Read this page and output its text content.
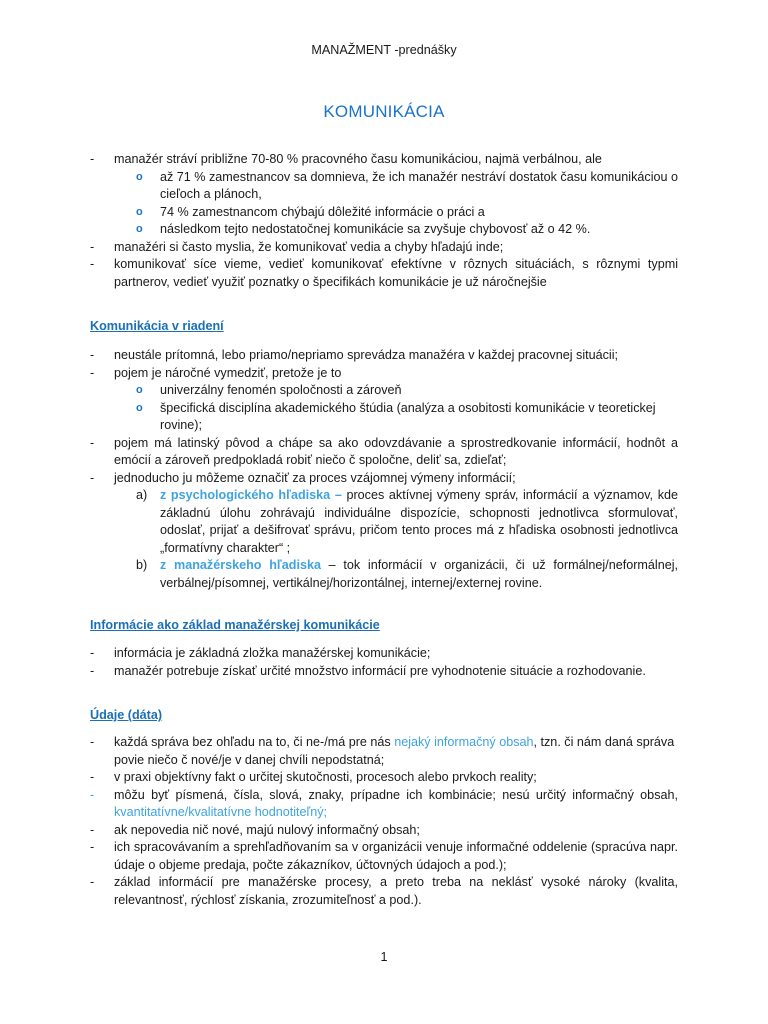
MANAŽMENT -prednášky
KOMUNIKÁCIA
- manažér stráví približne 70-80 % pracovného času komunikáciou, najmä verbálnou, ale
o až 71 % zamestnancov sa domnieva, že ich manažér nestráví dostatok času komunikáciou o cieľoch a plánoch,
o 74 % zamestnancom chýbajú dôležité informácie o práci a
o následkom tejto nedostatočnej komunikácie sa zvyšuje chybovosť až o 42 %.
- manažéri si často myslia, že komunikovať vedia a chyby hľadajú inde;
- komunikovať síce vieme, vedieť komunikovať efektívne v rôznych situáciách, s rôznymi typmi partnerov, vedieť využiť poznatky o špecifikách komunikácie je už náročnejšie
Komunikácia v riadení
- neustále prítomná, lebo priamo/nepriamo sprevádza manažéra v každej pracovnej situácii;
- pojem je náročné vymedziť, pretože je to
o univerzálny fenomén spoločnosti a zároveň
o špecifická disciplína akademického štúdia (analýza a osobitosti komunikácie v teoretickej rovine);
- pojem má latinský pôvod a chápe sa ako odovzdávanie a sprostredkovanie informácií, hodnôt a emócií a zároveň predpokladá robiť niečo č spoločne, deliť sa, zdieľať;
- jednoducho ju môžeme označiť za proces vzájomnej výmeny informácií;
a) z psychologického hľadiska – proces aktívnej výmeny správ, informácií a významov, kde základnú úlohu zohrávajú individuálne dispozície, schopnosti jednotlivca sformulovať, odoslať, prijať a dešifrovať správu, pričom tento proces má z hľadiska osobnosti jednotlivca „formatívny charakter“ ;
b) z manažérskeho hľadiska – tok informácií v organizácii, či už formálnej/neformálnej, verbálnej/písomnej, vertikálnej/horizontálnej, internej/externej rovine.
Informácie ako základ manažérskej komunikácie
- informácia je základná zložka manažérskej komunikácie;
- manažér potrebuje získať určité množstvo informácií pre vyhodnotenie situácie a rozhodovanie.
Údaje (dáta)
- každá správa bez ohľadu na to, či ne-/má pre nás nejaký informačný obsah, tzn. či nám daná správa povie niečo č nové/je v danej chvíli nepodstatná;
- v praxi objektívny fakt o určitej skutočnosti, procesoch alebo prvkoch reality;
- môžu byť písmená, čísla, slová, znaky, prípadne ich kombinácie; nesú určitý informačný obsah, kvantitatívne/kvalitatívne hodnotiteľný;
- ak nepovedia nič nové, majú nulový informačný obsah;
- ich spracovávaním a sprehľadňovaním sa v organizácii venuje informačné oddelenie (spracúva napr. údaje o objeme predaja, počte zákazníkov, účtovných údajoch a pod.);
- základ informácií pre manažérske procesy, a preto treba na neklásť vysoké nároky (kvalita, relevantnosť, rýchlosť získania, zrozumiteľnosť a pod.).
1
